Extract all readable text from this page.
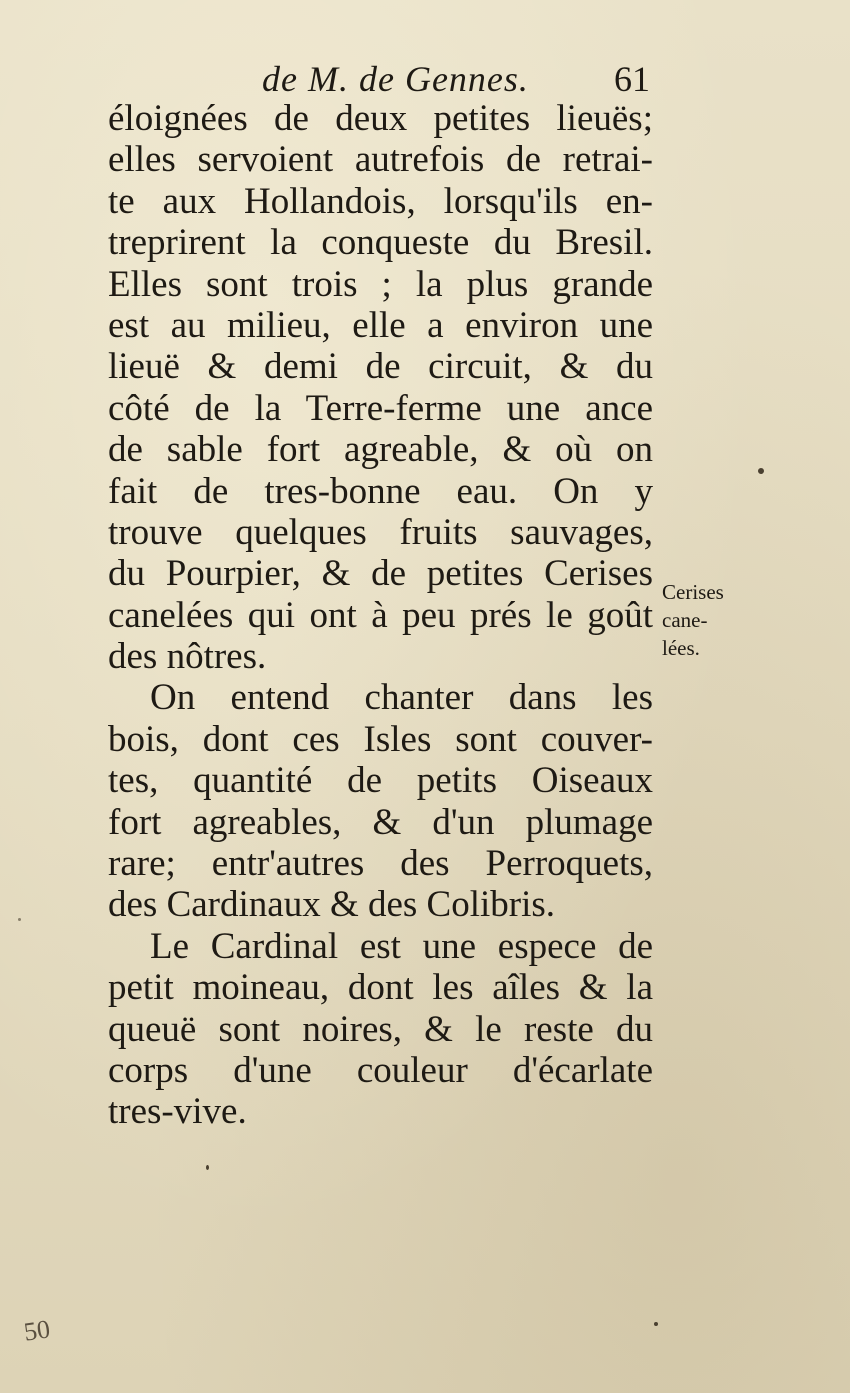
de M. de Gennes. 61
éloignées de deux petites lieuës;
elles servoient autrefois de retrai-
te aux Hollandois, lorsqu'ils en-
treprirent la conqueste du Bresil.
Elles sont trois ; la plus grande
est au milieu, elle a environ une
lieuë & demi de circuit, & du
côté de la Terre-ferme une ance
de sable fort agreable, & où on
fait de tres-bonne eau. On y
trouve quelques fruits sauvages,
du Pourpier, & de petites Cerises
canelées qui ont à peu prés le goût
des nôtres.
On entend chanter dans les
bois, dont ces Isles sont couver-
tes, quantité de petits Oiseaux
fort agreables, & d'un plumage
rare; entr'autres des Perroquets,
des Cardinaux & des Colibris.
Le Cardinal est une espece de
petit moineau, dont les aîles & la
queuë sont noires, & le reste du
corps d'une couleur d'écarlate
tres-vive.
Cerises
cane-
lées.
50
